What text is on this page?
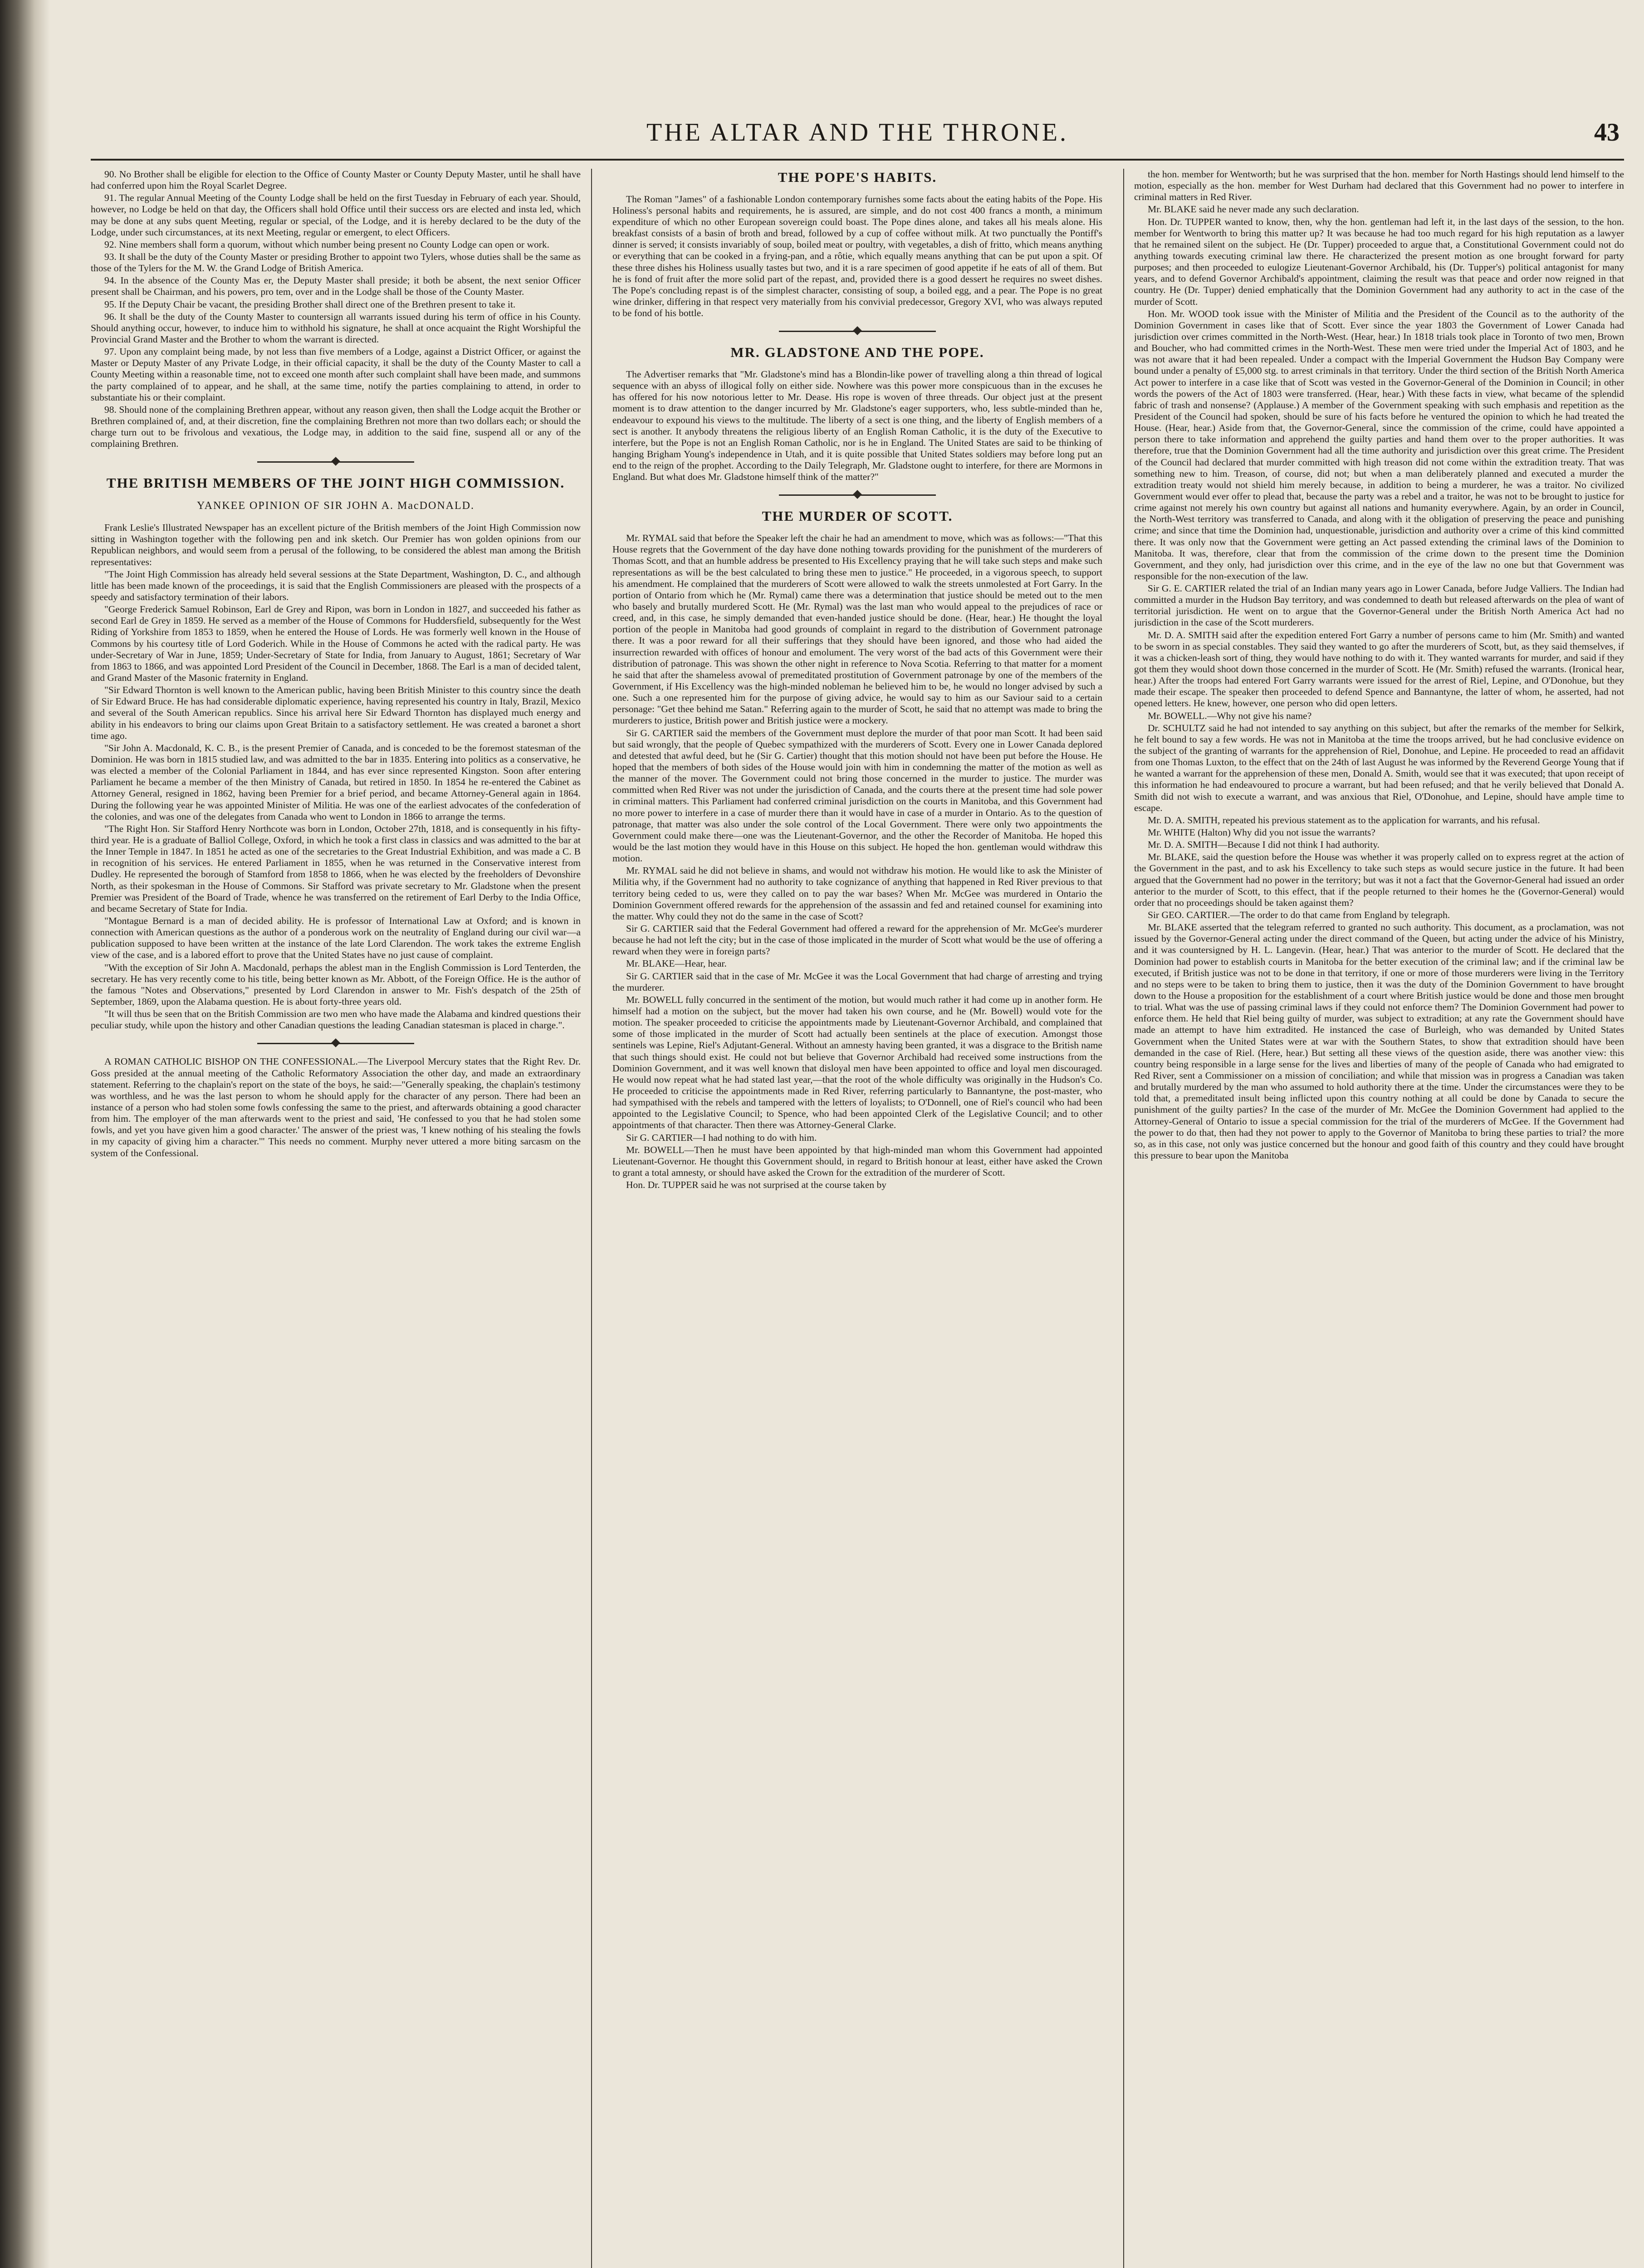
THE ALTAR AND THE THRONE.	43

90. No Brother shall be eligible for election to the Office of County Master or County Deputy Master, until he shall have had conferred upon him the Royal Scarlet Degree.

91. The regular Annual Meeting of the County Lodge shall be held on the first Tuesday in February of each year. Should, however, no Lodge be held on that day, the Officers shall hold Office until their success ors are elected and insta led, which may be done at any subs quent Meeting, regular or special, of the Lodge, and it is hereby declared to be the duty of the Lodge, under such circumstances, at its next Meeting, regular or emergent, to elect Officers.

92. Nine members shall form a quorum, without which number being present no County Lodge can open or work.

93. It shall be the duty of the County Master or presiding Brother to appoint two Tylers, whose duties shall be the same as those of the Tylers for the M. W. the Grand Lodge of British America.

94. In the absence of the County Mas er, the Deputy Master shall preside; it both be absent, the next senior Officer present shall be Chairman, and his powers, pro tem, over and in the Lodge shall be those of the County Master.

95. If the Deputy Chair be vacant, the presiding Brother shall direct one of the Brethren present to take it.

96. It shall be the duty of the County Master to countersign all warrants issued during his term of office in his County. Should anything occur, however, to induce him to withhold his signature, he shall at once acquaint the Right Worshipful the Provincial Grand Master and the Brother to whom the warrant is directed.

97. Upon any complaint being made, by not less than five members of a Lodge, against a District Officer, or against the Master or Deputy Master of any Private Lodge, in their official capacity, it shall be the duty of the County Master to call a County Meeting within a reasonable time, not to exceed one month after such complaint shall have been made, and summons the party complained of to appear, and he shall, at the same time, notify the parties complaining to attend, in order to substantiate his or their complaint.

98. Should none of the complaining Brethren appear, without any reason given, then shall the Lodge acquit the Brother or Brethren complained of, and, at their discretion, fine the complaining Brethren not more than two dollars each; or should the charge turn out to be frivolous and vexatious, the Lodge may, in addition to the said fine, suspend all or any of the complaining Brethren.

THE BRITISH MEMBERS OF THE JOINT HIGH COMMISSION.
YANKEE OPINION OF SIR JOHN A. MacDONALD.

Frank Leslie's Illustrated Newspaper has an excellent picture of the British members of the Joint High Commission now sitting in Washington together with the following pen and ink sketch. Our Premier has won golden opinions from our Republican neighbors, and would seem from a perusal of the following, to be considered the ablest man among the British representatives:

"The Joint High Commission has already held several sessions at the State Department, Washington, D. C., and although little has been made known of the proceedings, it is said that the English Commissioners are pleased with the prospects of a speedy and satisfactory termination of their labors.

"George Frederick Samuel Robinson, Earl de Grey and Ripon, was born in London in 1827, and succeeded his father as second Earl de Grey in 1859. He served as a member of the House of Commons for Huddersfield, subsequently for the West Riding of Yorkshire from 1853 to 1859, when he entered the House of Lords. He was formerly well known in the House of Commons by his courtesy title of Lord Goderich. While in the House of Commons he acted with the radical party. He was under-Secretary of War in June, 1859; Under-Secretary of State for India, from January to August, 1861; Secretary of War from 1863 to 1866, and was appointed Lord President of the Council in December, 1868. The Earl is a man of decided talent, and Grand Master of the Masonic fraternity in England.

"Sir Edward Thornton is well known to the American public, having been British Minister to this country since the death of Sir Edward Bruce. He has had considerable diplomatic experience, having represented his country in Italy, Brazil, Mexico and several of the South American republics. Since his arrival here Sir Edward Thornton has displayed much energy and ability in his endeavors to bring our claims upon Great Britain to a satisfactory settlement. He was created a baronet a short time ago.

"Sir John A. Macdonald, K. C. B., is the present Premier of Canada, and is conceded to be the foremost statesman of the Dominion. He was born in 1815 studied law, and was admitted to the bar in 1835. Entering into politics as a conservative, he was elected a member of the Colonial Parliament in 1844, and has ever since represented Kingston. Soon after entering Parliament he became a member of the then Ministry of Canada, but retired in 1850. In 1854 he re-entered the Cabinet as Attorney General, resigned in 1862, having been Premier for a brief period, and became Attorney-General again in 1864. During the following year he was appointed Minister of Militia. He was one of the earliest advocates of the confederation of the colonies, and was one of the delegates from Canada who went to London in 1866 to arrange the terms.

"The Right Hon. Sir Stafford Henry Northcote was born in London, October 27th, 1818, and is consequently in his fifty-third year. He is a graduate of Balliol College, Oxford, in which he took a first class in classics and was admitted to the bar at the Inner Temple in 1847. In 1851 he acted as one of the secretaries to the Great Industrial Exhibition, and was made a C. B in recognition of his services. He entered Parliament in 1855, when he was returned in the Conservative interest from Dudley. He represented the borough of Stamford from 1858 to 1866, when he was elected by the freeholders of Devonshire North, as their spokesman in the House of Commons. Sir Stafford was private secretary to Mr. Gladstone when the present Premier was President of the Board of Trade, whence he was transferred on the retirement of Earl Derby to the India Office, and became Secretary of State for India.

"Montague Bernard is a man of decided ability. He is professor of International Law at Oxford; and is known in connection with American questions as the author of a ponderous work on the neutrality of England during our civil war—a publication supposed to have been written at the instance of the late Lord Clarendon. The work takes the extreme English view of the case, and is a labored effort to prove that the United States have no just cause of complaint.

"With the exception of Sir John A. Macdonald, perhaps the ablest man in the English Commission is Lord Tenterden, the secretary. He has very recently come to his title, being better known as Mr. Abbott, of the Foreign Office. He is the author of the famous "Notes and Observations," presented by Lord Clarendon in answer to Mr. Fish's despatch of the 25th of September, 1869, upon the Alabama question. He is about forty-three years old.

"It will thus be seen that on the British Commission are two men who have made the Alabama and kindred questions their peculiar study, while upon the history and other Canadian questions the leading Canadian statesman is placed in charge.".

A ROMAN CATHOLIC BISHOP ON THE CONFESSIONAL.—The Liverpool Mercury states that the Right Rev. Dr. Goss presided at the annual meeting of the Catholic Reformatory Association the other day, and made an extraordinary statement. Referring to the chaplain's report on the state of the boys, he said:—"Generally speaking, the chaplain's testimony was worthless, and he was the last person to whom he should apply for the character of any person. There had been an instance of a person who had stolen some fowls confessing the same to the priest, and afterwards obtaining a good character from him. The employer of the man afterwards went to the priest and said, 'He confessed to you that he had stolen some fowls, and yet you have given him a good character.' The answer of the priest was, 'I knew nothing of his stealing the fowls in my capacity of giving him a character.'" This needs no comment. Murphy never uttered a more biting sarcasm on the system of the Confessional.

THE POPE'S HABITS.

The Roman "James" of a fashionable London contemporary furnishes some facts about the eating habits of the Pope. His Holiness's personal habits and requirements, he is assured, are simple, and do not cost 400 francs a month, a minimum expenditure of which no other European sovereign could boast. The Pope dines alone, and takes all his meals alone. His breakfast consists of a basin of broth and bread, followed by a cup of coffee without milk. At two punctually the Pontiff's dinner is served; it consists invariably of soup, boiled meat or poultry, with vegetables, a dish of fritto, which means anything or everything that can be cooked in a frying-pan, and a rôtie, which equally means anything that can be put upon a spit. Of these three dishes his Holiness usually tastes but two, and it is a rare specimen of good appetite if he eats of all of them. But he is fond of fruit after the more solid part of the repast, and, provided there is a good dessert he requires no sweet dishes. The Pope's concluding repast is of the simplest character, consisting of soup, a boiled egg, and a pear. The Pope is no great wine drinker, differing in that respect very materially from his convivial predecessor, Gregory XVI, who was always reputed to be fond of his bottle.

MR. GLADSTONE AND THE POPE.

The Advertiser remarks that "Mr. Gladstone's mind has a Blondin-like power of travelling along a thin thread of logical sequence with an abyss of illogical folly on either side. Nowhere was this power more conspicuous than in the excuses he has offered for his now notorious letter to Mr. Dease. His rope is woven of three threads. Our object just at the present moment is to draw attention to the danger incurred by Mr. Gladstone's eager supporters, who, less subtle-minded than he, endeavour to expound his views to the multitude. The liberty of a sect is one thing, and the liberty of English members of a sect is another. It anybody threatens the religious liberty of an English Roman Catholic, it is the duty of the Executive to interfere, but the Pope is not an English Roman Catholic, nor is he in England. The United States are said to be thinking of hanging Brigham Young's independence in Utah, and it is quite possible that United States soldiers may before long put an end to the reign of the prophet. According to the Daily Telegraph, Mr. Gladstone ought to interfere, for there are Mormons in England. But what does Mr. Gladstone himself think of the matter?"

THE MURDER OF SCOTT.

Mr. RYMAL said that before the Speaker left the chair he had an amendment to move, which was as follows:—"That this House regrets that the Government of the day have done nothing towards providing for the punishment of the murderers of Thomas Scott, and that an humble address be presented to His Excellency praying that he will take such steps and make such representations as will be the best calculated to bring these men to justice." He proceeded, in a vigorous speech, to support his amendment. He complained that the murderers of Scott were allowed to walk the streets unmolested at Fort Garry. In the portion of Ontario from which he (Mr. Rymal) came there was a determination that justice should be meted out to the men who basely and brutally murdered Scott. He (Mr. Rymal) was the last man who would appeal to the prejudices of race or creed, and, in this case, he simply demanded that even-handed justice should be done. (Hear, hear.) He thought the loyal portion of the people in Manitoba had good grounds of complaint in regard to the distribution of Government patronage there. It was a poor reward for all their sufferings that they should have been ignored, and those who had aided the insurrection rewarded with offices of honour and emolument. The very worst of the bad acts of this Government were their distribution of patronage. This was shown the other night in reference to Nova Scotia. Referring to that matter for a moment he said that after the shameless avowal of premeditated prostitution of Government patronage by one of the members of the Government, if His Excellency was the high-minded nobleman he believed him to be, he would no longer advised by such a one. Such a one represented him for the purpose of giving advice, he would say to him as our Saviour said to a certain personage: "Get thee behind me Satan." Referring again to the murder of Scott, he said that no attempt was made to bring the murderers to justice, British power and British justice were a mockery.

Sir G. CARTIER said the members of the Government must deplore the murder of that poor man Scott. It had been said but said wrongly, that the people of Quebec sympathized with the murderers of Scott. Every one in Lower Canada deplored and detested that awful deed, but he (Sir G. Cartier) thought that this motion should not have been put before the House. He hoped that the members of both sides of the House would join with him in condemning the matter of the motion as well as the manner of the mover. The Government could not bring those concerned in the murder to justice. The murder was committed when Red River was not under the jurisdiction of Canada, and the courts there at the present time had sole power in criminal matters. This Parliament had conferred criminal jurisdiction on the courts in Manitoba, and this Government had no more power to interfere in a case of murder there than it would have in case of a murder in Ontario. As to the question of patronage, that matter was also under the sole control of the Local Government. There were only two appointments the Government could make there—one was the Lieutenant-Governor, and the other the Recorder of Manitoba. He hoped this would be the last motion they would have in this House on this subject. He hoped the hon. gentleman would withdraw this motion.

Mr. RYMAL said he did not believe in shams, and would not withdraw his motion. He would like to ask the Minister of Militia why, if the Government had no authority to take cognizance of anything that happened in Red River previous to that territory being ceded to us, were they called on to pay the war bases? When Mr. McGee was murdered in Ontario the Dominion Government offered rewards for the apprehension of the assassin and fed and retained counsel for examining into the matter. Why could they not do the same in the case of Scott?

Sir G. CARTIER said that the Federal Government had offered a reward for the apprehension of Mr. McGee's murderer because he had not left the city; but in the case of those implicated in the murder of Scott what would be the use of offering a reward when they were in foreign parts?

Mr. BLAKE—Hear, hear.

Sir G. CARTIER said that in the case of Mr. McGee it was the Local Government that had charge of arresting and trying the murderer.

Mr. BOWELL fully concurred in the sentiment of the motion, but would much rather it had come up in another form. He himself had a motion on the subject, but the mover had taken his own course, and he (Mr. Bowell) would vote for the motion. The speaker proceeded to criticise the appointments made by Lieutenant-Governor Archibald, and complained that some of those implicated in the murder of Scott had actually been sentinels at the place of execution. Amongst those sentinels was Lepine, Riel's Adjutant-General. Without an amnesty having been granted, it was a disgrace to the British name that such things should exist. He could not but believe that Governor Archibald had received some instructions from the Dominion Government, and it was well known that disloyal men have been appointed to office and loyal men discouraged. He would now repeat what he had stated last year,—that the root of the whole difficulty was originally in the Hudson's Co. He proceeded to criticise the appointments made in Red River, referring particularly to Bannantyne, the post-master, who had sympathised with the rebels and tampered with the letters of loyalists; to O'Donnell, one of Riel's council who had been appointed to the Legislative Council; to Spence, who had been appointed Clerk of the Legislative Council; and to other appointments of that character. Then there was Attorney-General Clarke.

Sir G. CARTIER—I had nothing to do with him.

Mr. BOWELL—Then he must have been appointed by that high-minded man whom this Government had appointed Lieutenant-Governor. He thought this Government should, in regard to British honour at least, either have asked the Crown to grant a total amnesty, or should have asked the Crown for the extradition of the murderer of Scott.

Hon. Dr. TUPPER said he was not surprised at the course taken by

the hon. member for Wentworth; but he was surprised that the hon. member for North Hastings should lend himself to the motion, especially as the hon. member for West Durham had declared that this Government had no power to interfere in criminal matters in Red River.

Mr. BLAKE said he never made any such declaration.

Hon. Dr. TUPPER wanted to know, then, why the hon. gentleman had left it, in the last days of the session, to the hon. member for Wentworth to bring this matter up? It was because he had too much regard for his high reputation as a lawyer that he remained silent on the subject. He (Dr. Tupper) proceeded to argue that, a Constitutional Government could not do anything towards executing criminal law there. He characterized the present motion as one brought forward for party purposes; and then proceeded to eulogize Lieutenant-Governor Archibald, his (Dr. Tupper's) political antagonist for many years, and to defend Governor Archibald's appointment, claiming the result was that peace and order now reigned in that country. He (Dr. Tupper) denied emphatically that the Dominion Government had any authority to act in the case of the murder of Scott.

Hon. Mr. WOOD took issue with the Minister of Militia and the President of the Council as to the authority of the Dominion Government in cases like that of Scott. Ever since the year 1803 the Government of Lower Canada had jurisdiction over crimes committed in the North-West. (Hear, hear.) In 1818 trials took place in Toronto of two men, Brown and Boucher, who had committed crimes in the North-West. These men were tried under the Imperial Act of 1803, and he was not aware that it had been repealed. Under a compact with the Imperial Government the Hudson Bay Company were bound under a penalty of £5,000 stg. to arrest criminals in that territory. Under the third section of the British North America Act power to interfere in a case like that of Scott was vested in the Governor-General of the Dominion in Council; in other words the powers of the Act of 1803 were transferred. (Hear, hear.) With these facts in view, what became of the splendid fabric of trash and nonsense? (Applause.) A member of the Government speaking with such emphasis and repetition as the President of the Council had spoken, should be sure of his facts before he ventured the opinion to which he had treated the House. (Hear, hear.) Aside from that, the Governor-General, since the commission of the crime, could have appointed a person there to take information and apprehend the guilty parties and hand them over to the proper authorities. It was therefore, true that the Dominion Government had all the time authority and jurisdiction over this great crime. The President of the Council had declared that murder committed with high treason did not come within the extradition treaty. That was something new to him. Treason, of course, did not; but when a man deliberately planned and executed a murder the extradition treaty would not shield him merely because, in addition to being a murderer, he was a traitor. No civilized Government would ever offer to plead that, because the party was a rebel and a traitor, he was not to be brought to justice for crime against not merely his own country but against all nations and humanity everywhere. Again, by an order in Council, the North-West territory was transferred to Canada, and along with it the obligation of preserving the peace and punishing crime; and since that time the Dominion had, unquestionable, jurisdiction and authority over a crime of this kind committed there. It was only now that the Government were getting an Act passed extending the criminal laws of the Dominion to Manitoba. It was, therefore, clear that from the commission of the crime down to the present time the Dominion Government, and they only, had jurisdiction over this crime, and in the eye of the law no one but that Government was responsible for the non-execution of the law.

Sir G. E. CARTIER related the trial of an Indian many years ago in Lower Canada, before Judge Valliers. The Indian had committed a murder in the Hudson Bay territory, and was condemned to death but released afterwards on the plea of want of territorial jurisdiction. He went on to argue that the Governor-General under the British North America Act had no jurisdiction in the case of the Scott murderers.

Mr. D. A. SMITH said after the expedition entered Fort Garry a number of persons came to him (Mr. Smith) and wanted to be sworn in as special constables. They said they wanted to go after the murderers of Scott, but, as they said themselves, if it was a chicken-leash sort of thing, they would have nothing to do with it. They wanted warrants for murder, and said if they got them they would shoot down those concerned in the murder of Scott. He (Mr. Smith) refused the warrants. (Ironical hear, hear.) After the troops had entered Fort Garry warrants were issued for the arrest of Riel, Lepine, and O'Donohue, but they made their escape. The speaker then proceeded to defend Spence and Bannantyne, the latter of whom, he asserted, had not opened letters. He knew, however, one person who did open letters.

Mr. BOWELL.—Why not give his name?

Dr. SCHULTZ said he had not intended to say anything on this subject, but after the remarks of the member for Selkirk, he felt bound to say a few words. He was not in Manitoba at the time the troops arrived, but he had conclusive evidence on the subject of the granting of warrants for the apprehension of Riel, Donohue, and Lepine. He proceeded to read an affidavit from one Thomas Luxton, to the effect that on the 24th of last August he was informed by the Reverend George Young that if he wanted a warrant for the apprehension of these men, Donald A. Smith, would see that it was executed; that upon receipt of this information he had endeavoured to procure a warrant, but had been refused; and that he verily believed that Donald A. Smith did not wish to execute a warrant, and was anxious that Riel, O'Donohue, and Lepine, should have ample time to escape.

Mr. D. A. SMITH, repeated his previous statement as to the application for warrants, and his refusal.

Mr. WHITE (Halton) Why did you not issue the warrants?

Mr. D. A. SMITH—Because I did not think I had authority.

Mr. BLAKE, said the question before the House was whether it was properly called on to express regret at the action of the Government in the past, and to ask his Excellency to take such steps as would secure justice in the future. It had been argued that the Government had no power in the territory; but was it not a fact that the Governor-General had issued an order anterior to the murder of Scott, to this effect, that if the people returned to their homes he the (Governor-General) would order that no proceedings should be taken against them?

Sir GEO. CARTIER.—The order to do that came from England by telegraph.

Mr. BLAKE asserted that the telegram referred to granted no such authority. This document, as a proclamation, was not issued by the Governor-General acting under the direct command of the Queen, but acting under the advice of his Ministry, and it was countersigned by H. L. Langevin. (Hear, hear.) That was anterior to the murder of Scott. He declared that the Dominion had power to establish courts in Manitoba for the better execution of the criminal law; and if the criminal law be executed, if British justice was not to be done in that territory, if one or more of those murderers were living in the Territory and no steps were to be taken to bring them to justice, then it was the duty of the Dominion Government to have brought down to the House a proposition for the establishment of a court where British justice would be done and those men brought to trial. What was the use of passing criminal laws if they could not enforce them? The Dominion Government had power to enforce them. He held that Riel being guilty of murder, was subject to extradition; at any rate the Government should have made an attempt to have him extradited. He instanced the case of Burleigh, who was demanded by United States Government when the United States were at war with the Southern States, to show that extradition should have been demanded in the case of Riel. (Here, hear.) But setting all these views of the question aside, there was another view: this country being responsible in a large sense for the lives and liberties of many of the people of Canada who had emigrated to Red River, sent a Commissioner on a mission of conciliation; and while that mission was in progress a Canadian was taken and brutally murdered by the man who assumed to hold authority there at the time. Under the circumstances were they to be told that, a premeditated insult being inflicted upon this country nothing at all could be done by Canada to secure the punishment of the guilty parties? In the case of the murder of Mr. McGee the Dominion Government had applied to the Attorney-General of Ontario to issue a special commission for the trial of the murderers of McGee. If the Government had the power to do that, then had they not power to apply to the Governor of Manitoba to bring these parties to trial? the more so, as in this case, not only was justice concerned but the honour and good faith of this country and they could have brought this pressure to bear upon the Manitoba
